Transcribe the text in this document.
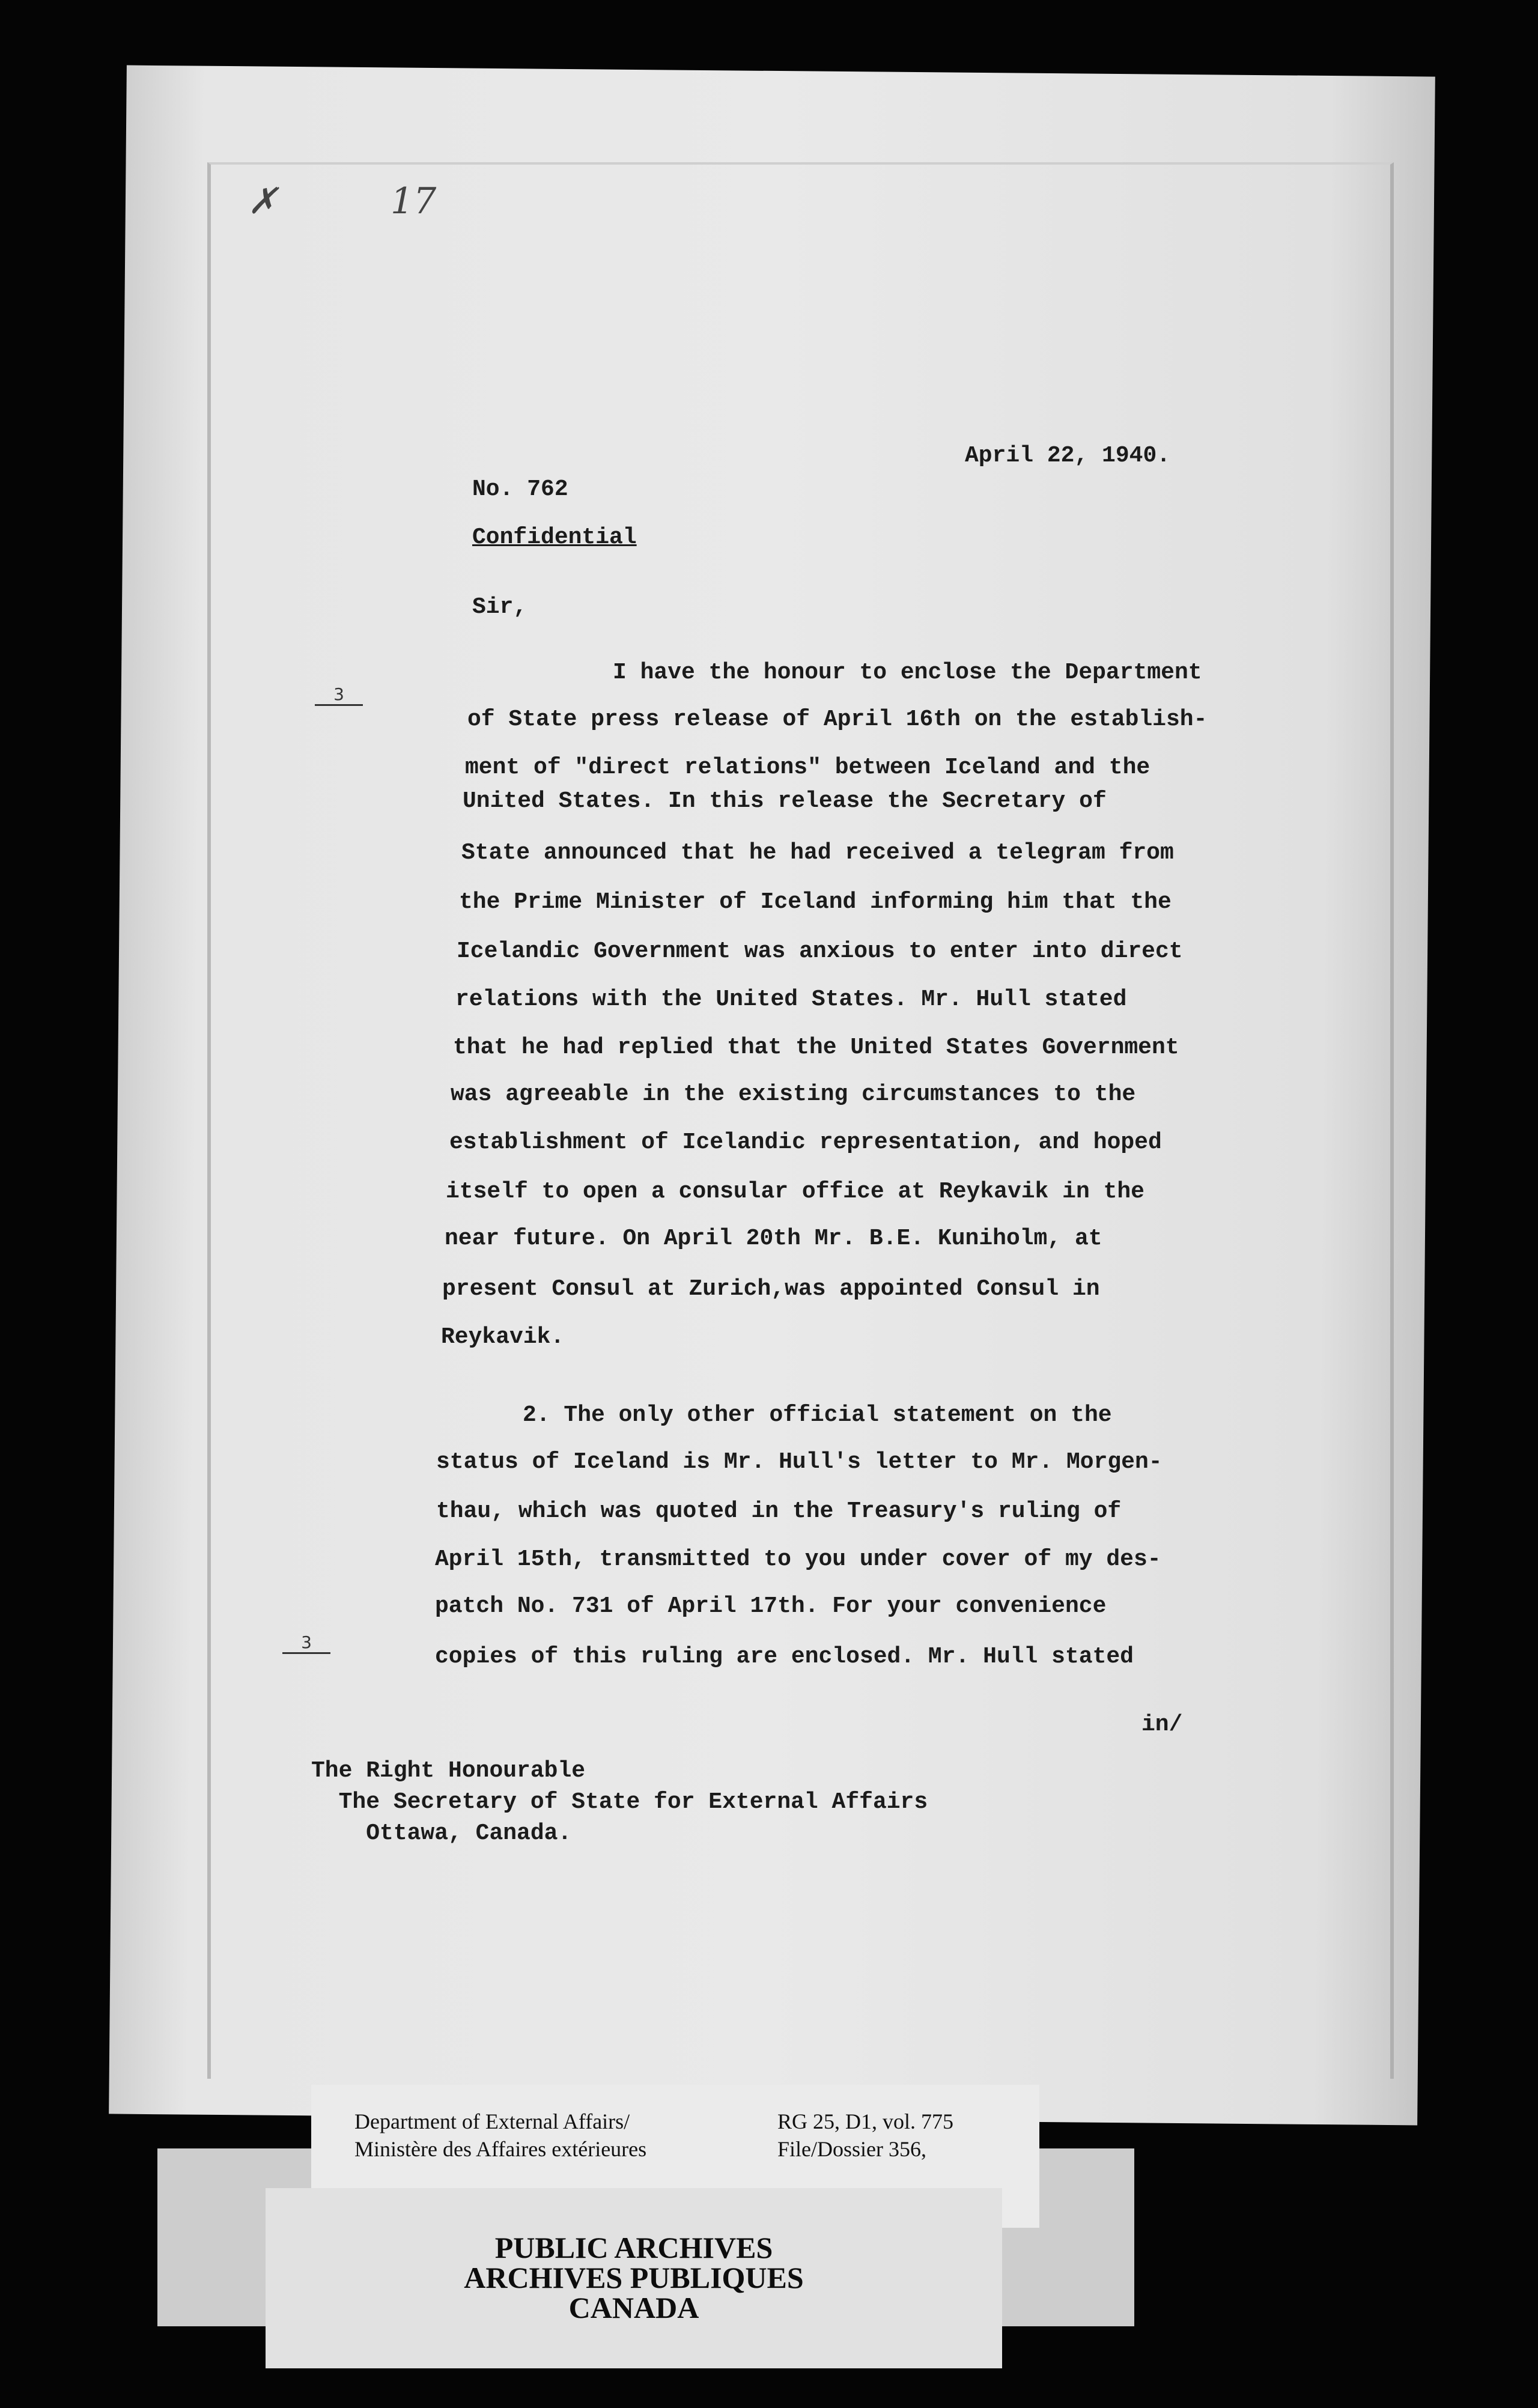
✗	17
April 22, 1940.
No. 762
Confidential
Sir,
3
I have the honour to enclose the Department
of State press release of April 16th on the establish-
ment of "direct relations" between Iceland and the
United States. In this release the Secretary of
State announced that he had received a telegram from
the Prime Minister of Iceland informing him that the
Icelandic Government was anxious to enter into direct
relations with the United States. Mr. Hull stated
that he had replied that the United States Government
was agreeable in the existing circumstances to the
establishment of Icelandic representation, and hoped
itself to open a consular office at Reykavik in the
near future. On April 20th Mr. B.E. Kuniholm, at
present Consul at Zurich,was appointed Consul in
Reykavik.
2. The only other official statement on the
status of Iceland is Mr. Hull's letter to Mr. Morgen-
thau, which was quoted in the Treasury's ruling of
April 15th, transmitted to you under cover of my des-
patch No. 731 of April 17th. For your convenience
copies of this ruling are enclosed. Mr. Hull stated
3
in/
The Right Honourable
The Secretary of State for External Affairs
Ottawa, Canada.
Department of External Affairs/
Ministère des Affaires extérieures
RG 25, D1, vol. 775
File/Dossier 356,
PUBLIC ARCHIVES
ARCHIVES PUBLIQUES
CANADA
